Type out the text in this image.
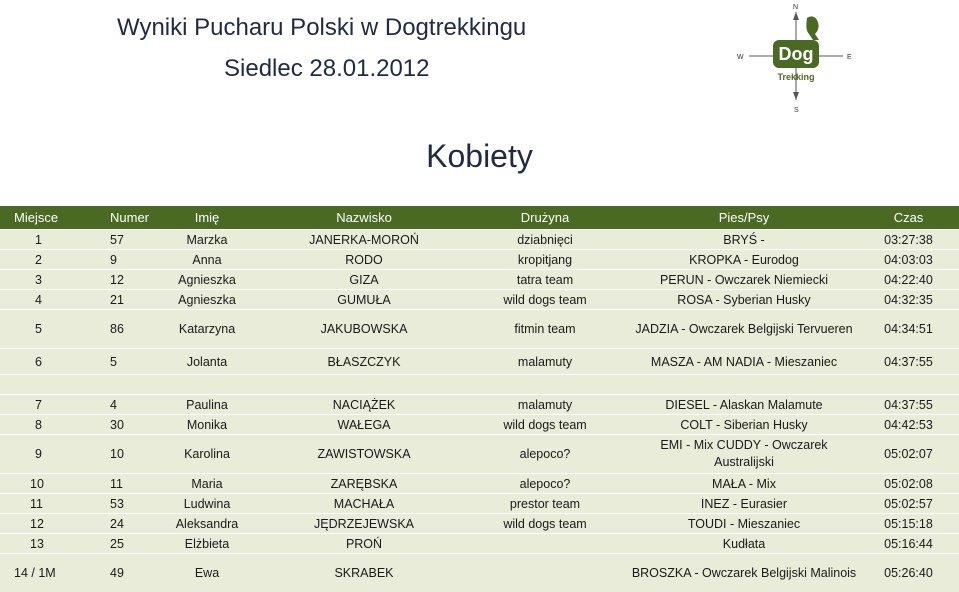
Wyniki Pucharu Polski w Dogtrekkingu
Siedlec 28.01.2012
Kobiety
N
S
W	E
Dog
Trekking
Miejsce	Numer	Imię	Nazwisko	Drużyna	Pies/Psy	Czas
1	57	Marzka	JANERKA-MOROŃ	dziabnięci	BRYŚ -	03:27:38
2	9	Anna	RODO	kropitjang	KROPKA - Eurodog	04:03:03
3	12	Agnieszka	GIZA	tatra team	PERUN - Owczarek Niemiecki	04:22:40
4	21	Agnieszka	GUMUŁA	wild dogs team	ROSA - Syberian Husky	04:32:35
5	86	Katarzyna	JAKUBOWSKA	fitmin team	JADZIA - Owczarek Belgijski Tervueren	04:34:51
6	5	Jolanta	BŁASZCZYK	malamuty	MASZA - AM NADIA - Mieszaniec	04:37:55

7	4	Paulina	NACIĄŻEK	malamuty	DIESEL - Alaskan Malamute	04:37:55
8	30	Monika	WAŁEGA	wild dogs team	COLT - Siberian Husky	04:42:53
9	10	Karolina	ZAWISTOWSKA	alepoco?	EMI - Mix CUDDY - Owczarek Australijski	05:02:07
10	11	Maria	ZARĘBSKA	alepoco?	MAŁA - Mix	05:02:08
11	53	Ludwina	MACHAŁA	prestor team	INEZ - Eurasier	05:02:57
12	24	Aleksandra	JĘDRZEJEWSKA	wild dogs team	TOUDI - Mieszaniec	05:15:18
13	25	Elżbieta	PROŃ		Kudłata	05:16:44
14 / 1M	49	Ewa	SKRABEK		BROSZKA - Owczarek Belgijski Malinois	05:26:40
